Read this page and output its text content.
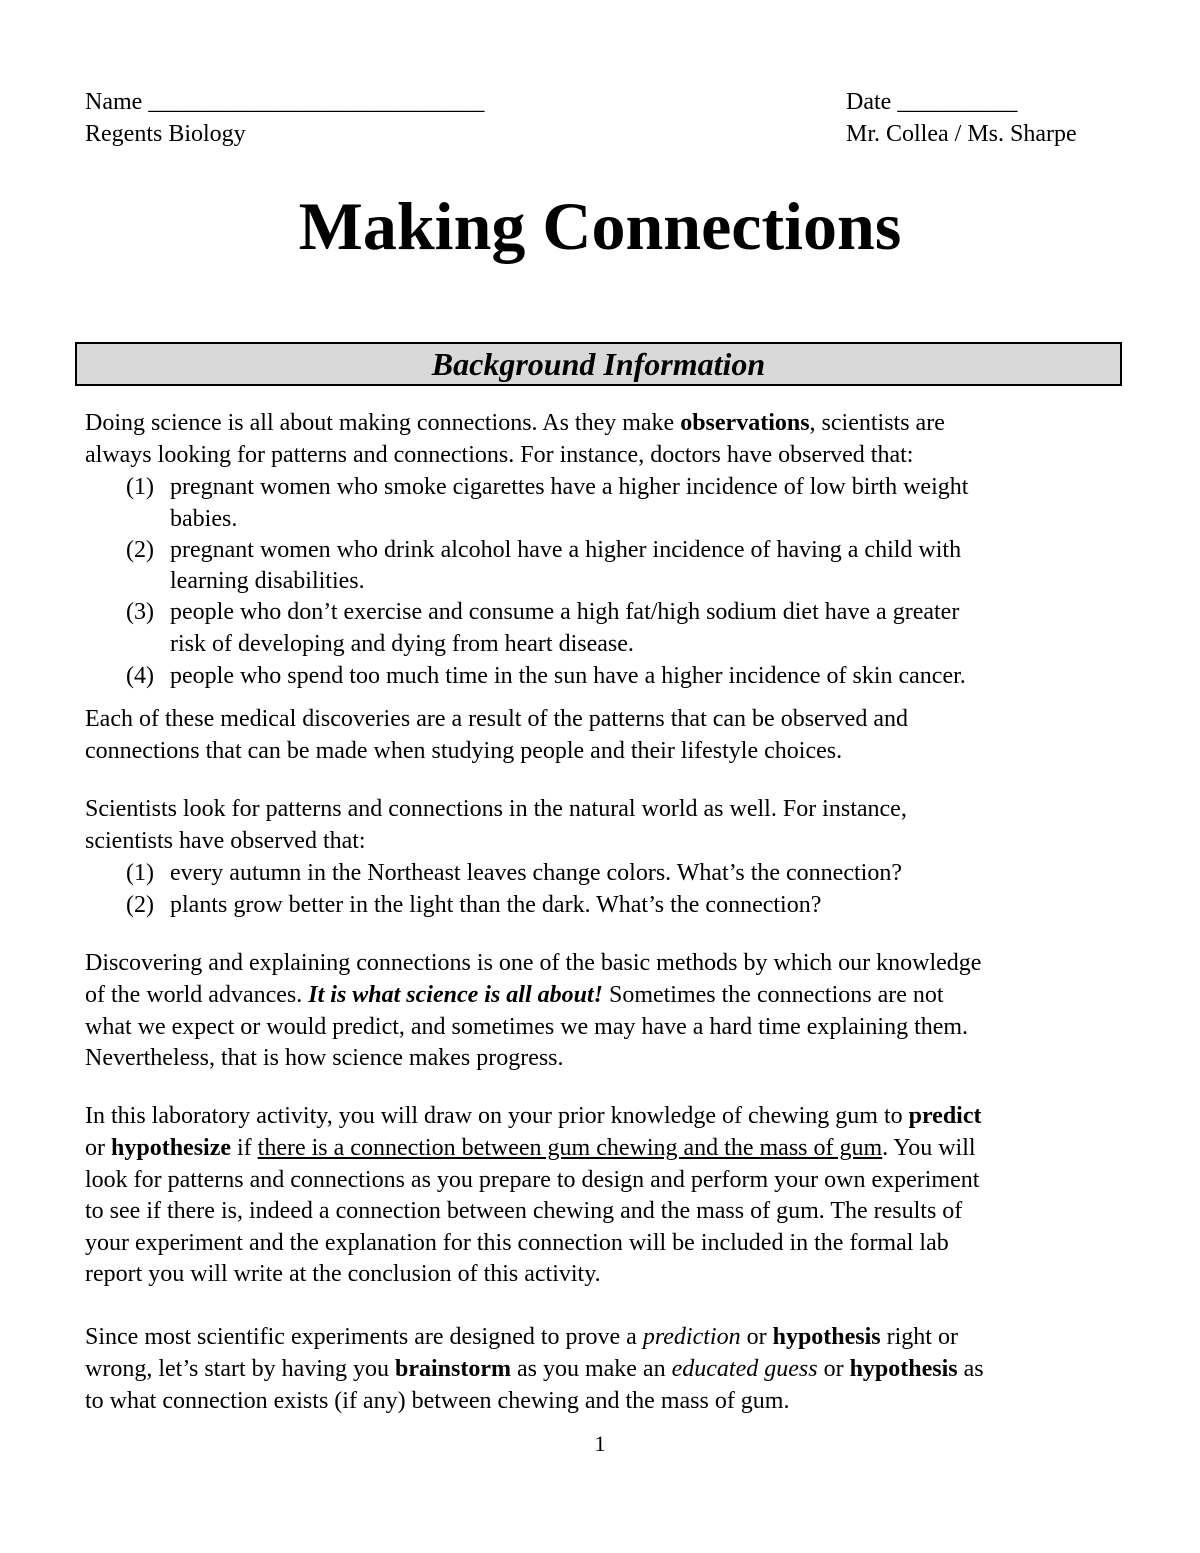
Name ____________________________	Date __________
Regents Biology	Mr. Collea / Ms. Sharpe
Making Connections
Background Information
Doing science is all about making connections. As they make observations, scientists are
always looking for patterns and connections. For instance, doctors have observed that:
(1) pregnant women who smoke cigarettes have a higher incidence of low birth weight
babies.
(2) pregnant women who drink alcohol have a higher incidence of having a child with
learning disabilities.
(3) people who don’t exercise and consume a high fat/high sodium diet have a greater
risk of developing and dying from heart disease.
(4) people who spend too much time in the sun have a higher incidence of skin cancer.
Each of these medical discoveries are a result of the patterns that can be observed and
connections that can be made when studying people and their lifestyle choices.
Scientists look for patterns and connections in the natural world as well. For instance,
scientists have observed that:
(1) every autumn in the Northeast leaves change colors. What’s the connection?
(2) plants grow better in the light than the dark. What’s the connection?
Discovering and explaining connections is one of the basic methods by which our knowledge
of the world advances. It is what science is all about! Sometimes the connections are not
what we expect or would predict, and sometimes we may have a hard time explaining them.
Nevertheless, that is how science makes progress.
In this laboratory activity, you will draw on your prior knowledge of chewing gum to predict
or hypothesize if there is a connection between gum chewing and the mass of gum. You will
look for patterns and connections as you prepare to design and perform your own experiment
to see if there is, indeed a connection between chewing and the mass of gum. The results of
your experiment and the explanation for this connection will be included in the formal lab
report you will write at the conclusion of this activity.
Since most scientific experiments are designed to prove a prediction or hypothesis right or
wrong, let’s start by having you brainstorm as you make an educated guess or hypothesis as
to what connection exists (if any) between chewing and the mass of gum.
1
